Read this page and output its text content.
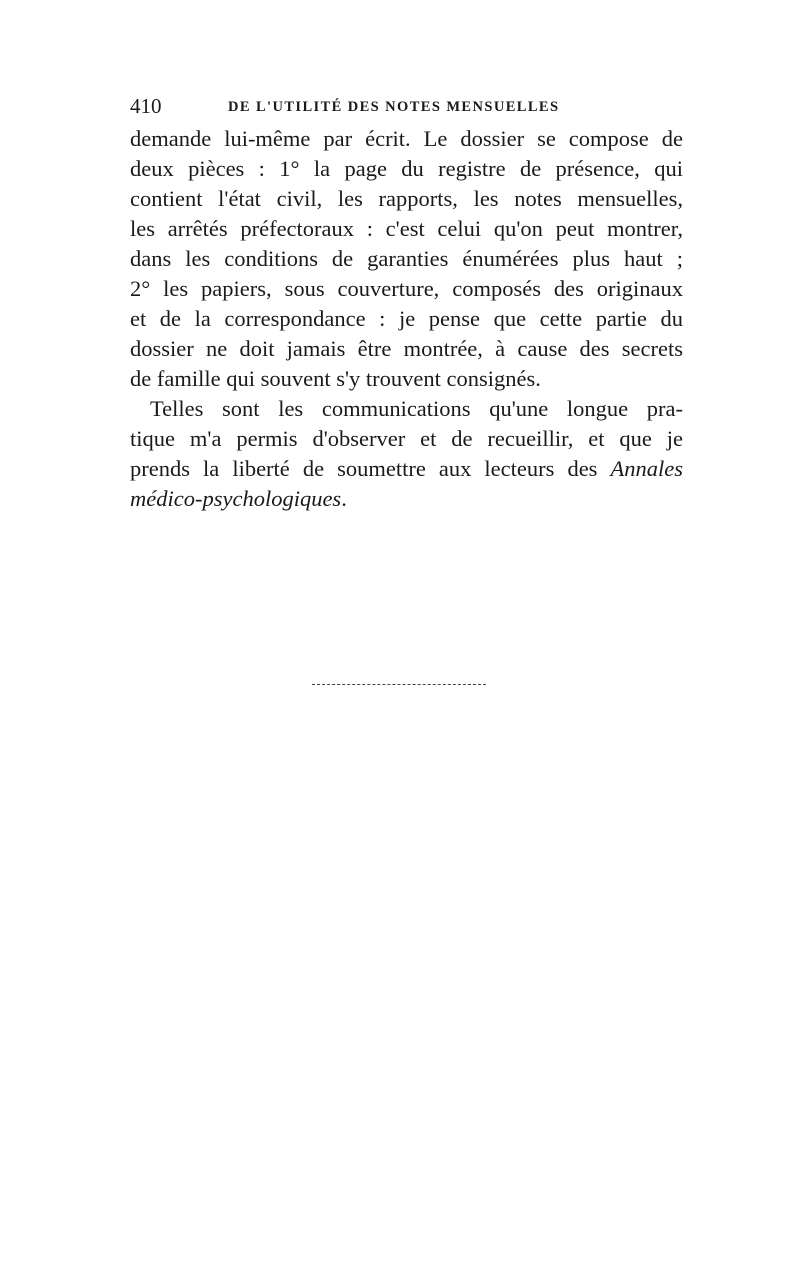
410	DE L'UTILITÉ DES NOTES MENSUELLES
demande lui-même par écrit. Le dossier se compose de
deux pièces : 1° la page du registre de présence, qui
contient l'état civil, les rapports, les notes mensuelles,
les arrêtés préfectoraux : c'est celui qu'on peut montrer,
dans les conditions de garanties énumérées plus haut ;
2° les papiers, sous couverture, composés des originaux
et de la correspondance : je pense que cette partie du
dossier ne doit jamais être montrée, à cause des secrets
de famille qui souvent s'y trouvent consignés.
Telles sont les communications qu'une longue pra-
tique m'a permis d'observer et de recueillir, et que je
prends la liberté de soumettre aux lecteurs des Annales
médico-psychologiques.
